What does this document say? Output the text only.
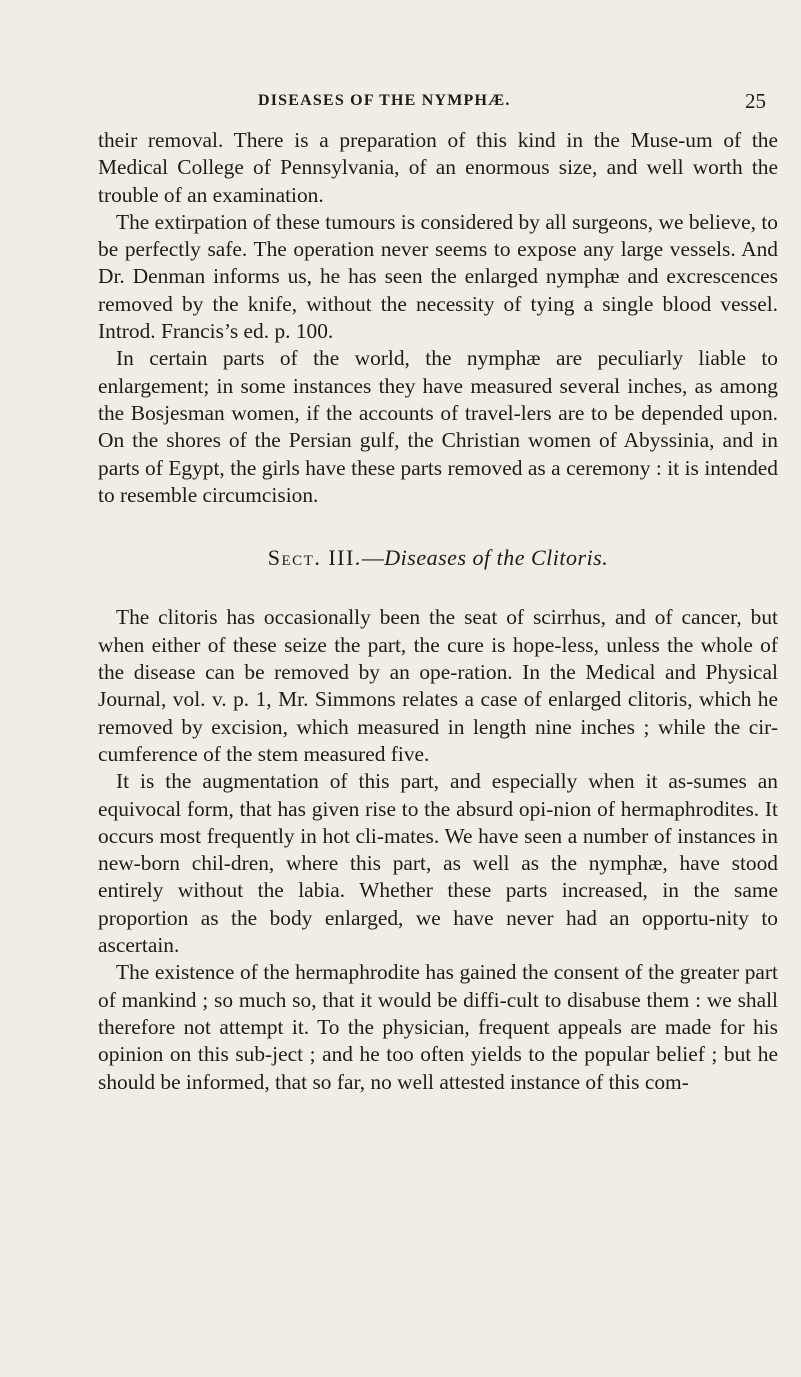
DISEASES OF THE NYMPHÆ.	25

their removal. There is a preparation of this kind in the Muse-um of the Medical College of Pennsylvania, of an enormous size, and well worth the trouble of an examination.

The extirpation of these tumours is considered by all surgeons, we believe, to be perfectly safe. The operation never seems to expose any large vessels. And Dr. Denman informs us, he has seen the enlarged nymphæ and excrescences removed by the knife, without the necessity of tying a single blood vessel. Introd. Francis’s ed. p. 100.

In certain parts of the world, the nymphæ are peculiarly liable to enlargement; in some instances they have measured several inches, as among the Bosjesman women, if the accounts of travel-lers are to be depended upon. On the shores of the Persian gulf, the Christian women of Abyssinia, and in parts of Egypt, the girls have these parts removed as a ceremony : it is intended to resemble circumcision.

Sect. III.—Diseases of the Clitoris.

The clitoris has occasionally been the seat of scirrhus, and of cancer, but when either of these seize the part, the cure is hope-less, unless the whole of the disease can be removed by an ope-ration. In the Medical and Physical Journal, vol. v. p. 1, Mr. Simmons relates a case of enlarged clitoris, which he removed by excision, which measured in length nine inches ; while the cir-cumference of the stem measured five.

It is the augmentation of this part, and especially when it as-sumes an equivocal form, that has given rise to the absurd opi-nion of hermaphrodites. It occurs most frequently in hot cli-mates. We have seen a number of instances in new-born chil-dren, where this part, as well as the nymphæ, have stood entirely without the labia. Whether these parts increased, in the same proportion as the body enlarged, we have never had an opportu-nity to ascertain.

The existence of the hermaphrodite has gained the consent of the greater part of mankind ; so much so, that it would be diffi-cult to disabuse them : we shall therefore not attempt it. To the physician, frequent appeals are made for his opinion on this sub-ject ; and he too often yields to the popular belief ; but he should be informed, that so far, no well attested instance of this com-
